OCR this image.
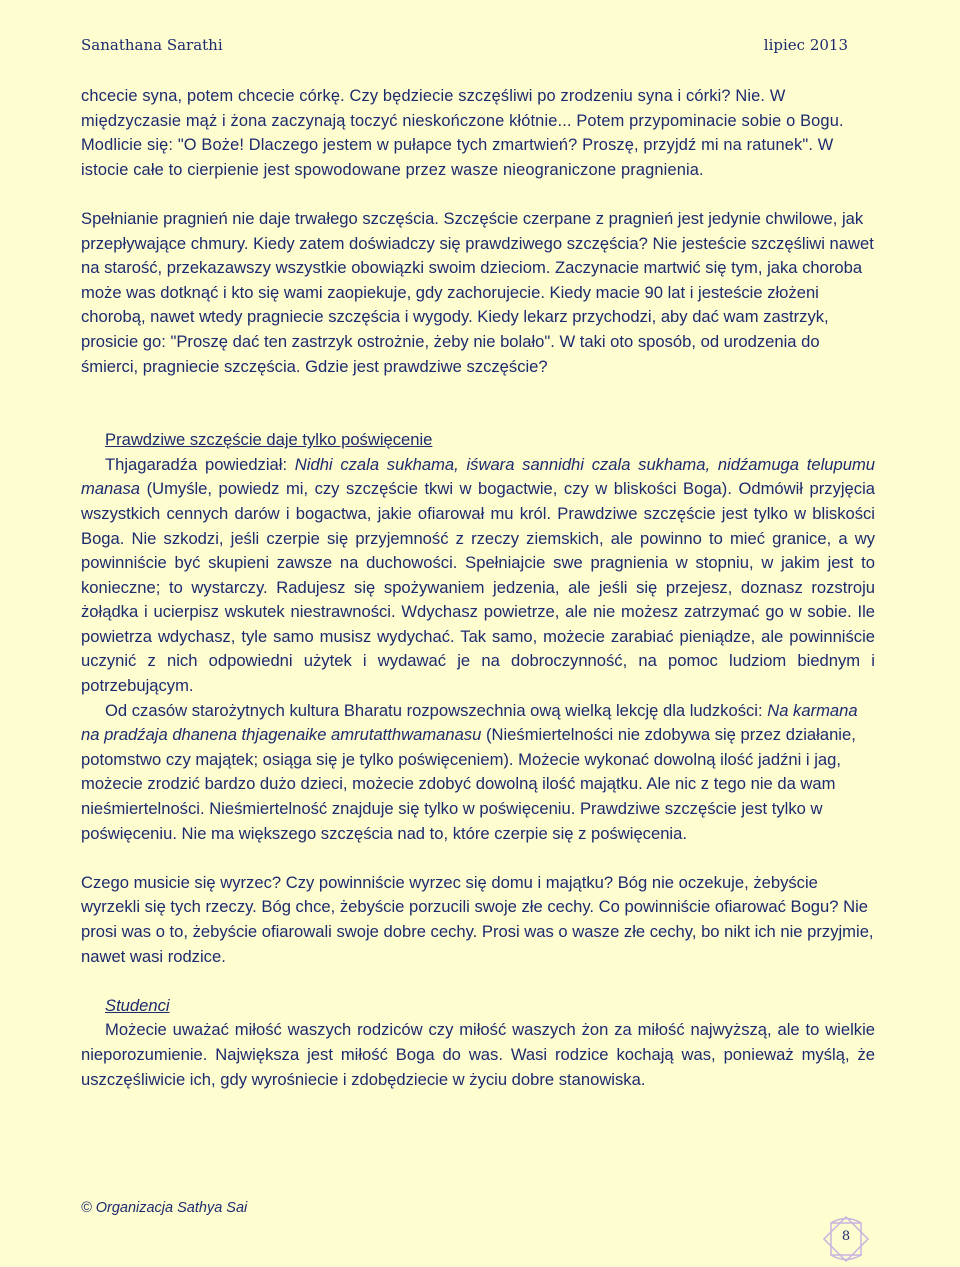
Sanathana Sarathi	lipiec 2013

chcecie syna, potem chcecie córkę. Czy będziecie szczęśliwi po zrodzeniu syna i córki? Nie. W międzyczasie mąż i żona zaczynają toczyć nieskończone kłótnie... Potem przypominacie sobie o Bogu. Modlicie się: "O Boże! Dlaczego jestem w pułapce tych zmartwień? Proszę, przyjdź mi na ratunek". W istocie całe to cierpienie jest spowodowane przez wasze nieograniczone pragnienia.

Spełnianie pragnień nie daje trwałego szczęścia. Szczęście czerpane z pragnień jest jedynie chwilowe, jak przepływające chmury. Kiedy zatem doświadczy się prawdziwego szczęścia? Nie jesteście szczęśliwi nawet na starość, przekazawszy wszystkie obowiązki swoim dzieciom. Zaczynacie martwić się tym, jaka choroba może was dotknąć i kto się wami zaopiekuje, gdy zachorujecie. Kiedy macie 90 lat i jesteście złożeni chorobą, nawet wtedy pragniecie szczęścia i wygody. Kiedy lekarz przychodzi, aby dać wam zastrzyk, prosicie go: "Proszę dać ten zastrzyk ostrożnie, żeby nie bolało". W taki oto sposób, od urodzenia do śmierci, pragniecie szczęścia. Gdzie jest prawdziwe szczęście?

Prawdziwe szczęście daje tylko poświęcenie

Thjagaradźa powiedział: Nidhi czala sukhama, iśwara sannidhi czala sukhama, nidźamuga telupumu manasa (Umyśle, powiedz mi, czy szczęście tkwi w bogactwie, czy w bliskości Boga). Odmówił przyjęcia wszystkich cennych darów i bogactwa, jakie ofiarował mu król. Prawdziwe szczęście jest tylko w bliskości Boga. Nie szkodzi, jeśli czerpie się przyjemność z rzeczy ziemskich, ale powinno to mieć granice, a wy powinniście być skupieni zawsze na duchowości. Spełniajcie swe pragnienia w stopniu, w jakim jest to konieczne; to wystarczy. Radujesz się spożywaniem jedzenia, ale jeśli się przejesz, doznasz rozstroju żołądka i ucierpisz wskutek niestrawności. Wdychasz powietrze, ale nie możesz zatrzymać go w sobie. Ile powietrza wdychasz, tyle samo musisz wydychać. Tak samo, możecie zarabiać pieniądze, ale powinniście uczynić z nich odpowiedni użytek i wydawać je na dobroczynność, na pomoc ludziom biednym i potrzebującym.

Od czasów starożytnych kultura Bharatu rozpowszechnia ową wielką lekcję dla ludzkości: Na karmana na pradźaja dhanena thjagenaike amrutatthwamanasu (Nieśmiertelności nie zdobywa się przez działanie, potomstwo czy majątek; osiąga się je tylko poświęceniem). Możecie wykonać dowolną ilość jadźni i jag, możecie zrodzić bardzo dużo dzieci, możecie zdobyć dowolną ilość majątku. Ale nic z tego nie da wam nieśmiertelności. Nieśmiertelność znajduje się tylko w poświęceniu. Prawdziwe szczęście jest tylko w poświęceniu. Nie ma większego szczęścia nad to, które czerpie się z poświęcenia.

Czego musicie się wyrzec? Czy powinniście wyrzec się domu i majątku? Bóg nie oczekuje, żebyście wyrzekli się tych rzeczy. Bóg chce, żebyście porzucili swoje złe cechy. Co powinniście ofiarować Bogu? Nie prosi was o to, żebyście ofiarowali swoje dobre cechy. Prosi was o wasze złe cechy, bo nikt ich nie przyjmie, nawet wasi rodzice.

Studenci

Możecie uważać miłość waszych rodziców czy miłość waszych żon za miłość najwyższą, ale to wielkie nieporozumienie. Największa jest miłość Boga do was. Wasi rodzice kochają was, ponieważ myślą, że uszczęśliwicie ich, gdy wyrośniecie i zdobędziecie w życiu dobre stanowiska.

© Organizacja Sathya Sai
8
